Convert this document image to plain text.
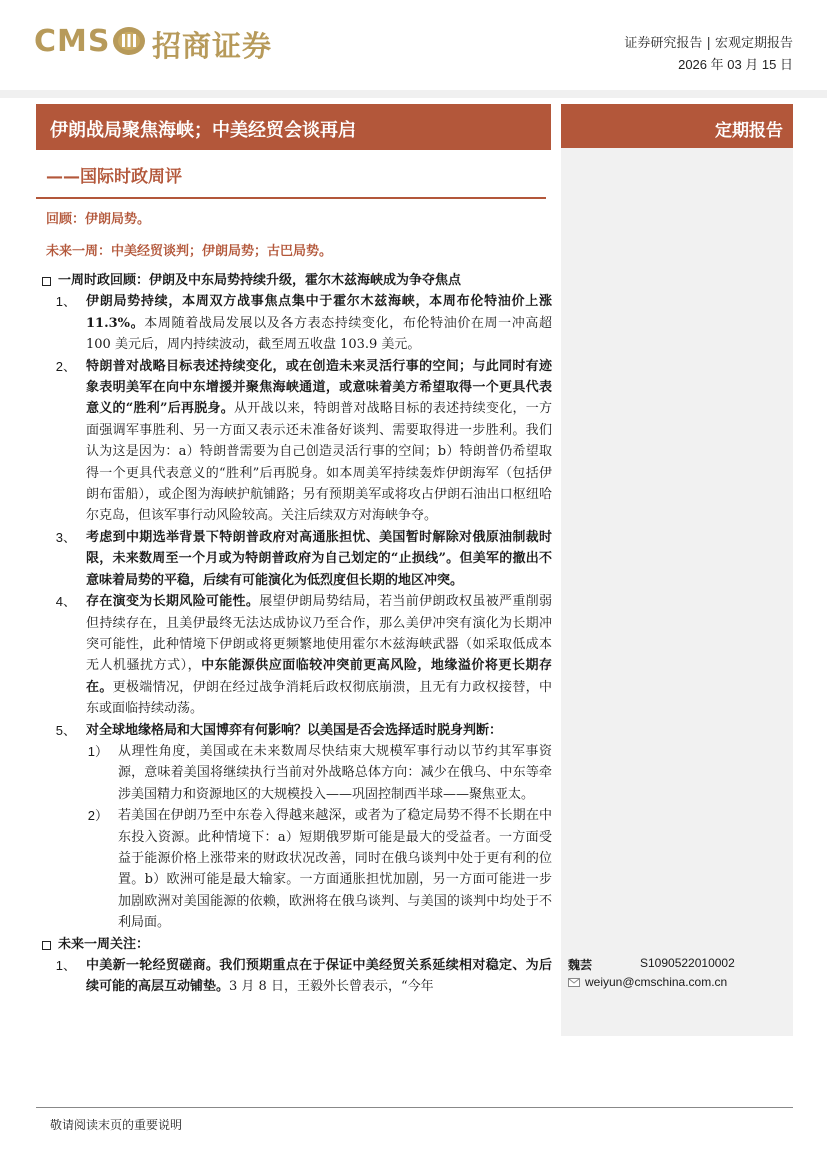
CMS 招商证券	证券研究报告 | 宏观定期报告
2026 年 03 月 15 日
伊朗战局聚焦海峡；中美经贸会谈再启
——国际时政周评
定期报告
回顾：伊朗局势。
未来一周：中美经贸谈判；伊朗局势；古巴局势。
一周时政回顾：伊朗及中东局势持续升级，霍尔木兹海峡成为争夺焦点
1、 伊朗局势持续，本周双方战事焦点集中于霍尔木兹海峡，本周布伦特油价上涨 11.3%。本周随着战局发展以及各方表态持续变化，布伦特油价在周一冲高超 100 美元后，周内持续波动，截至周五收盘 103.9 美元。
2、 特朗普对战略目标表述持续变化，或在创造未来灵活行事的空间；与此同时有迹象表明美军在向中东增援并聚焦海峡通道，或意味着美方希望取得一个更具代表意义的“胜利”后再脱身。从开战以来，特朗普对战略目标的表述持续变化，一方面强调军事胜利、另一方面又表示还未准备好谈判、需要取得进一步胜利。我们认为这是因为：a）特朗普需要为自己创造灵活行事的空间；b）特朗普仍希望取得一个更具代表意义的“胜利”后再脱身。如本周美军持续轰炸伊朗海军（包括伊朗布雷船），或企图为海峡护航铺路；另有预期美军或将攻占伊朗石油出口枢纽哈尔克岛，但该军事行动风险较高。关注后续双方对海峡争夺。
3、 考虑到中期选举背景下特朗普政府对高通胀担忧、美国暂时解除对俄原油制裁时限，未来数周至一个月或为特朗普政府为自己划定的“止损线”。但美军的撤出不意味着局势的平稳，后续有可能演化为低烈度但长期的地区冲突。
4、 存在演变为长期风险可能性。展望伊朗局势结局，若当前伊朗政权虽被严重削弱但持续存在，且美伊最终无法达成协议乃至合作，那么美伊冲突有演化为长期冲突可能性，此种情境下伊朗或将更频繁地使用霍尔木兹海峡武器（如采取低成本无人机骚扰方式），中东能源供应面临较冲突前更高风险，地缘溢价将更长期存在。更极端情况，伊朗在经过战争消耗后政权彻底崩溃，且无有力政权接替，中东或面临持续动荡。
5、 对全球地缘格局和大国博弈有何影响？以美国是否会选择适时脱身判断：
1） 从理性角度，美国或在未来数周尽快结束大规模军事行动以节约其军事资源，意味着美国将继续执行当前对外战略总体方向：减少在俄乌、中东等牵涉美国精力和资源地区的大规模投入——巩固控制西半球——聚焦亚太。
2） 若美国在伊朗乃至中东卷入得越来越深，或者为了稳定局势不得不长期在中东投入资源。此种情境下：a）短期俄罗斯可能是最大的受益者。一方面受益于能源价格上涨带来的财政状况改善，同时在俄乌谈判中处于更有利的位置。b）欧洲可能是最大输家。一方面通胀担忧加剧，另一方面可能进一步加剧欧洲对美国能源的依赖，欧洲将在俄乌谈判、与美国的谈判中均处于不利局面。
未来一周关注：
1、 中美新一轮经贸磋商。我们预期重点在于保证中美经贸关系延续相对稳定、为后续可能的高层互动铺垫。3 月 8 日，王毅外长曾表示，“今年
魏芸	S1090522010002
weiyun@cmschina.com.cn
敬请阅读末页的重要说明
